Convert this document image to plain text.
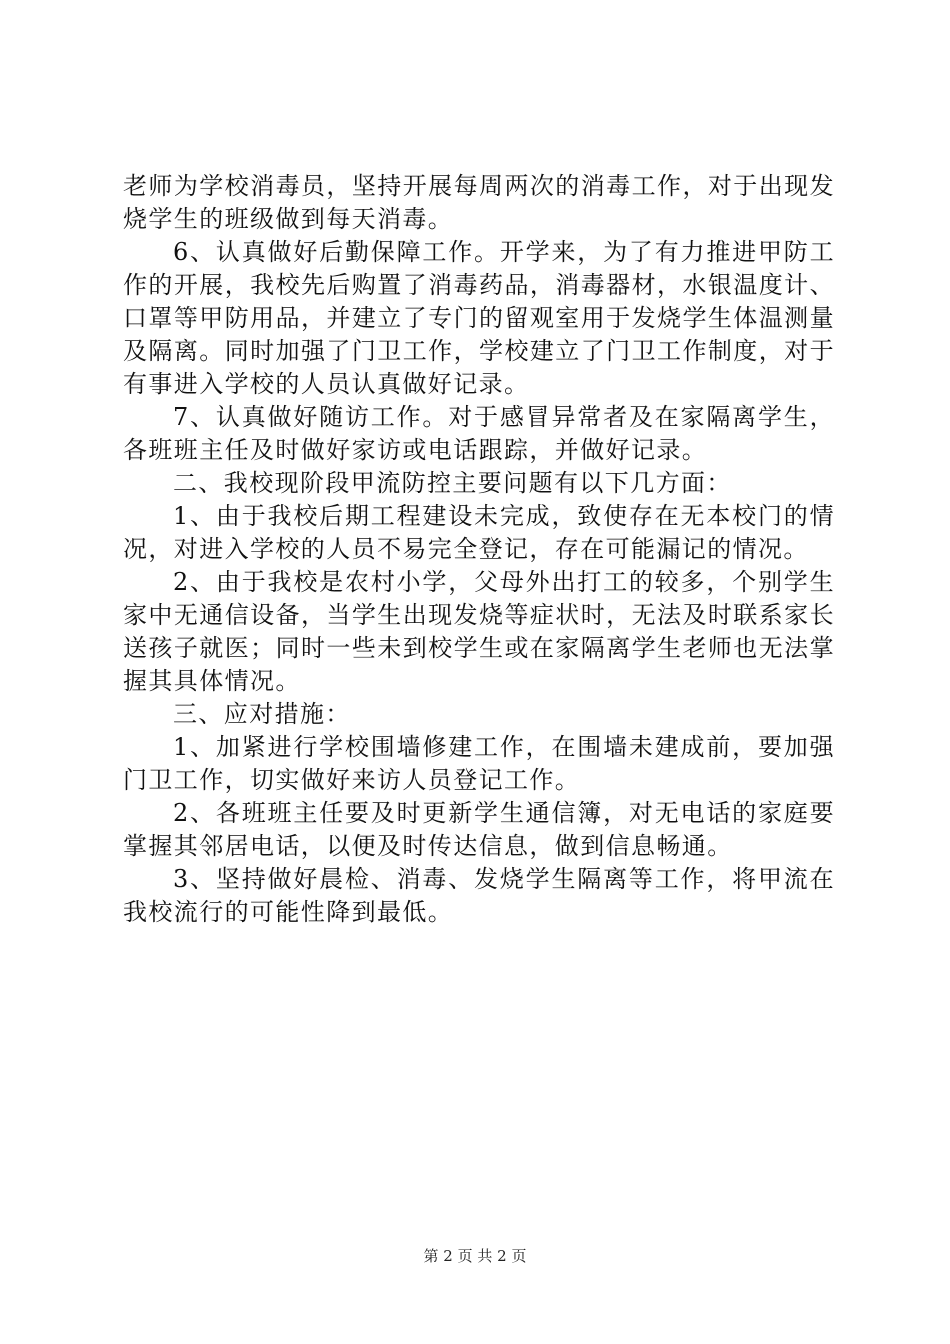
老师为学校消毒员，坚持开展每周两次的消毒工作，对于出现发烧学生的班级做到每天消毒。

6、认真做好后勤保障工作。开学来，为了有力推进甲防工作的开展，我校先后购置了消毒药品，消毒器材，水银温度计、口罩等甲防用品，并建立了专门的留观室用于发烧学生体温测量及隔离。同时加强了门卫工作，学校建立了门卫工作制度，对于有事进入学校的人员认真做好记录。

7、认真做好随访工作。对于感冒异常者及在家隔离学生，各班班主任及时做好家访或电话跟踪，并做好记录。

二、我校现阶段甲流防控主要问题有以下几方面：

1、由于我校后期工程建设未完成，致使存在无本校门的情况，对进入学校的人员不易完全登记，存在可能漏记的情况。

2、由于我校是农村小学，父母外出打工的较多，个别学生家中无通信设备，当学生出现发烧等症状时，无法及时联系家长送孩子就医；同时一些未到校学生或在家隔离学生老师也无法掌握其具体情况。

三、应对措施：

1、加紧进行学校围墙修建工作，在围墙未建成前，要加强门卫工作，切实做好来访人员登记工作。

2、各班班主任要及时更新学生通信簿，对无电话的家庭要掌握其邻居电话，以便及时传达信息，做到信息畅通。

3、坚持做好晨检、消毒、发烧学生隔离等工作，将甲流在我校流行的可能性降到最低。

第 2 页 共 2 页
